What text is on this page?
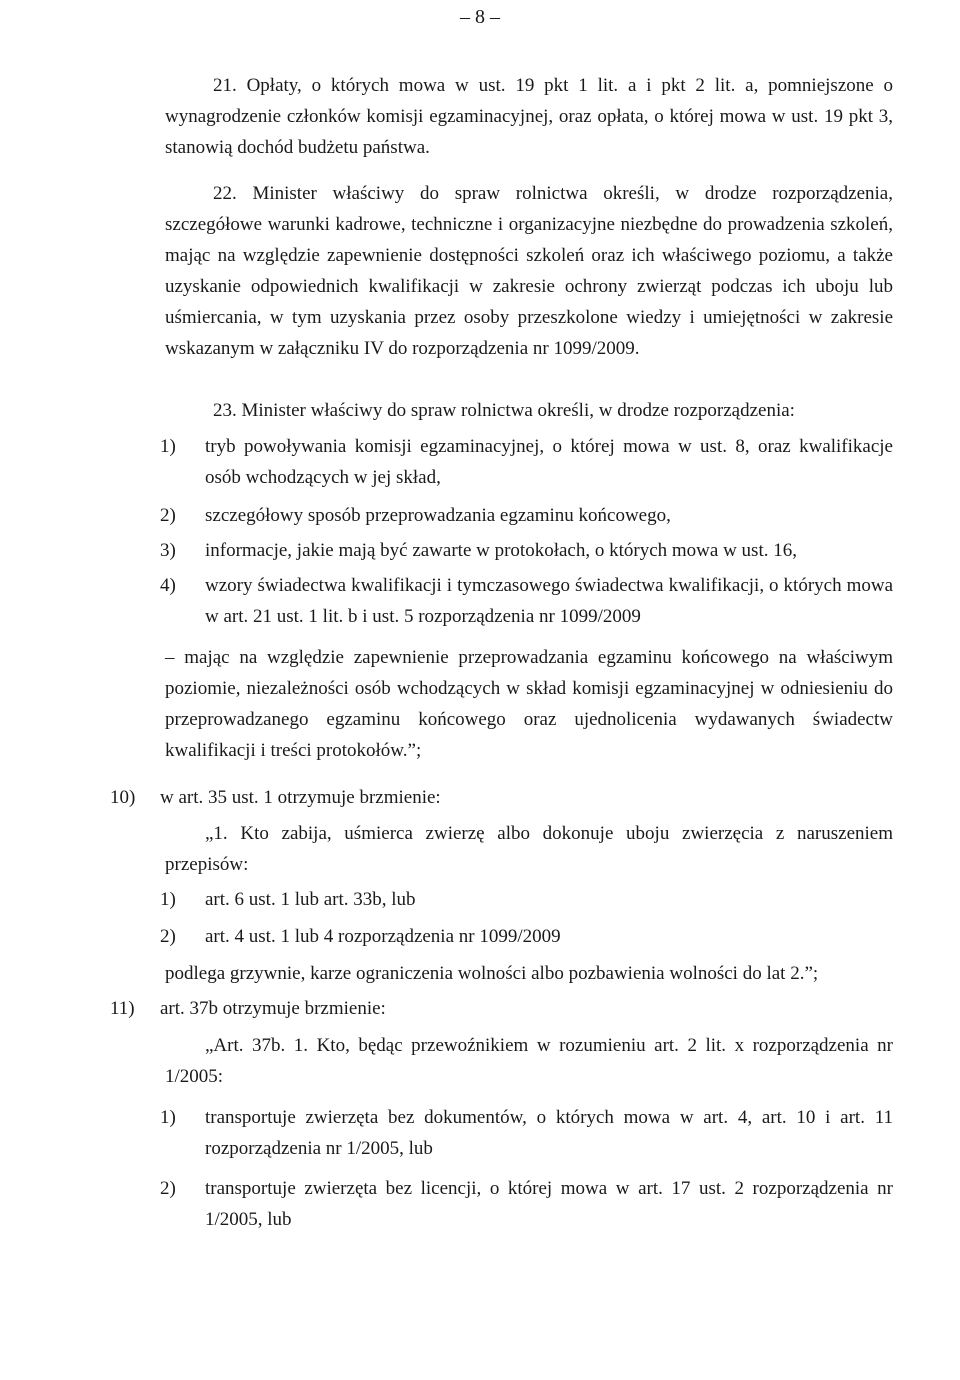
– 8 –
21. Opłaty, o których mowa w ust. 19 pkt 1 lit. a i pkt 2 lit. a, pomniejszone o wynagrodzenie członków komisji egzaminacyjnej, oraz opłata, o której mowa w ust. 19 pkt 3, stanowią dochód budżetu państwa.
22. Minister właściwy do spraw rolnictwa określi, w drodze rozporządzenia, szczegółowe warunki kadrowe, techniczne i organizacyjne niezbędne do prowadzenia szkoleń, mając na względzie zapewnienie dostępności szkoleń oraz ich właściwego poziomu, a także uzyskanie odpowiednich kwalifikacji w zakresie ochrony zwierząt podczas ich uboju lub uśmiercania, w tym uzyskania przez osoby przeszkolone wiedzy i umiejętności w zakresie wskazanym w załączniku IV do rozporządzenia nr 1099/2009.
23. Minister właściwy do spraw rolnictwa określi, w drodze rozporządzenia:
1) tryb powoływania komisji egzaminacyjnej, o której mowa w ust. 8, oraz kwalifikacje osób wchodzących w jej skład,
2) szczegółowy sposób przeprowadzania egzaminu końcowego,
3) informacje, jakie mają być zawarte w protokołach, o których mowa w ust. 16,
4) wzory świadectwa kwalifikacji i tymczasowego świadectwa kwalifikacji, o których mowa w art. 21 ust. 1 lit. b i ust. 5 rozporządzenia nr 1099/2009
– mając na względzie zapewnienie przeprowadzania egzaminu końcowego na właściwym poziomie, niezależności osób wchodzących w skład komisji egzaminacyjnej w odniesieniu do przeprowadzanego egzaminu końcowego oraz ujednolicenia wydawanych świadectw kwalifikacji i treści protokołów.”;
10) w art. 35 ust. 1 otrzymuje brzmienie:
„1. Kto zabija, uśmierca zwierzę albo dokonuje uboju zwierzęcia z naruszeniem przepisów:
1) art. 6 ust. 1 lub art. 33b, lub
2) art. 4 ust. 1 lub 4 rozporządzenia nr 1099/2009
podlega grzywnie, karze ograniczenia wolności albo pozbawienia wolności do lat 2.”;
11) art. 37b otrzymuje brzmienie:
„Art. 37b. 1. Kto, będąc przewoźnikiem w rozumieniu art. 2 lit. x rozporządzenia nr 1/2005:
1) transportuje zwierzęta bez dokumentów, o których mowa w art. 4, art. 10 i art. 11 rozporządzenia nr 1/2005, lub
2) transportuje zwierzęta bez licencji, o której mowa w art. 17 ust. 2 rozporządzenia nr 1/2005, lub
